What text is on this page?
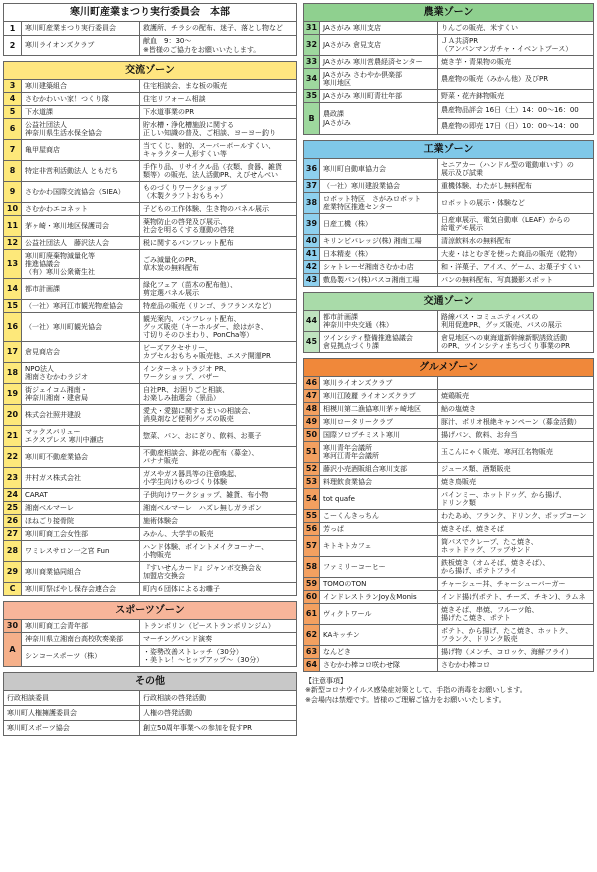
寒川町産業まつり実行委員会　本部		
1	寒川町産業まつり実行委員会	救護所、チラシの配布、迷子、落とし物など
2	寒川ライオンズクラブ	献血　9：30～
※皆様のご協力をお願いいたします。
交流ゾーン		
3	寒川建築組合	住宅相談会、まな板の販売
4	さむかわいい家！つくり隊	住宅リフォーム相談
5	下水道課	下水道事業のPR
6	公益社団法人
神奈川県生活水保全協会	貯水槽・浄化槽施設に関する
正しい知識の普及、ご相談、ヨーヨー釣り
7	亀甲屋商店	当てくじ、射的、スーパーボールすくい、
キャラクター人形すくい等
8	特定非営利活動法人 ともだち	手作り品、リサイクル品（衣類、食器、雑貨
類等）の販売、法人活動PR、えびせんべい
9	さむかわ国際交流協会（SIEA）	ものづくりワークショップ
（木製クラフトおもちゃ）
10	さむかわエコネット	子どもの工作体験、生き物のパネル展示
11	茅ヶ崎・寒川地区保護司会	薬物防止の啓発及び展示、
社会を明るくする運動の啓発
12	公益社団法人　藤沢法人会	税に関するパンフレット配布
13	寒川町廃棄物減量化等
推進協議会
（有）寒川公衆衛生社	ごみ減量化のPR、
草木炭の無料配布
14	都市計画課	緑化フェア（苗木の配布他）、
剪定選パネル展示
15	（一社）寒河江市観光物産協会	特産品の販売（リンゴ、ラフランスなど）
16	（一社）寒川町観光協会	観光案内、パンフレット配布、
グッズ販売（キーホルダー、絵はがき、
寸切りそのひまわり、PonCha等）
17	倉見商店会	ビーズアクセサリー、
カプセルおもちゃ販売他、エステ開運PR
18	NPO法人
湘南さむかわラジオ	インターネットラジオ PR、
ワークショップ、バザー
19	街ジェイコム湘南・
神奈川湘南・建倉局	自社PR、お困りごと相談、
お楽しみ抽選会（景品）
20	株式会社照井建設	愛犬・愛猫に関するまいの相談会、
消臭剤など便利グッズの販売
21	マックスバリュー
エクスプレス 寒川中瀬店	惣菜、パン、おにぎり、飲料、お菓子
22	寒川町不動産業協会	不動産相談会、鉢花の配布（募金）、
バナナ販売
23	井村ガス株式会社	ガスやガス器具等の注意喚起、
小学生向けものづくり体験
24	CARAT	子供向けワークショップ、雑貨、布小物
25	湘南ベルマーレ	湘南ベルマーレ　ハズレ無しガラポン
26	ほねごり接骨院	施術体験会
27	寒川町商工会女性部	みかん、大学芋の販売
28	ワミレスサロン一之宮 Fun	ハンド体験、ポイントメイクコーナー、
小物販売
29	寒川商業協同組合	『すいせんカード』ジャンボ交換会＆
加盟店交換会
C	寒川町祭ばやし保存会連合会	町内６団体によるお囃子
スポーツゾーン		
30	寒川町商工会青年部	トランポリン（ピーストランポリンジム）
A	神奈川県立湘南台高校吹奏楽部	マーチングバンド演奏
	シンコースポーツ（株）	・姿勢改善ストレッチ（30分）
・美トレ！〜ヒップアップ〜（30分）
その他	
行政相談委員	行政相談の啓発活動
寒川町人権擁護委員会	人権の啓発活動
寒川町スポーツ協会	創立50周年事業への参加を促すPR
農業ゾーン		
31	JAさがみ 寒川支店	りんごの販売、米すくい
32	JAさがみ 倉見支店	ＪＡ共済PR
（アンパンマンガチャ・イベントブース）
33	JAさがみ 寒川営農経済センター	焼き芋・青果物の販売
34	JAさがみ さわやか倶楽部
寒川地区	農産物の販売（みかん他）及びPR
35	JAさがみ 寒川町青壮年部	野菜・花卉鉢物販売
B	農政課
JAさがみ	農産物品評会 16日（土）14：00～16：00
		農産物の即売 17日（日）10：00～14：00
工業ゾーン		
36	寒川町自動車協力会	セニアカー（ハンドル型の電動車いす）の
展示及び試乗
37	（一社）寒川建設業協会	重機体験、わたがし無料配布
38	ロボット特区　さがみロボット
産業特区推進センター	ロボットの展示・体験など
39	日産工機（株）	日産車展示、電気自動車（LEAF）からの
給電デモ展示
40	キリンビバレッジ(株) 湘南工場	清涼飲料水の無料配布
41	日本精麦（株）	大麦・はとむぎを使った商品の販売（乾物）
42	シャトレーゼ湘南さむかわ店	和・洋菓子、アイス、ゲーム、お菓子すくい
43	敷島製パン(株)パスコ湘南工場	パンの無料配布、写真撮影スポット
交通ゾーン		
44	都市計画課
神奈川中央交通（株）	路線バス・コミュニティバスの
利用促進PR、グッズ販売、バスの展示
45	ツインシティ整備推進協議会
倉見拠点づくり課	倉見地区への東海道新幹線新駅誘致活動
のPR、ツインシティまちづくり事業のPR
グルメゾーン		
46	寒川ライオンズクラブ	
47	寒川江陵麗 ライオンズクラブ	焼鶏販売
48	相模川第二漁協寒川茅ヶ崎地区	鮎の塩焼き
49	寒川ロータリークラブ	豚汁、ポリオ根絶キャンペーン（募金活動）
50	国際ソロプチミスト寒川	揚げパン、飲料、お弁当
51	寒川青年会議所
寒河江青年会議所	玉こんにゃく販売、寒河江名物販売
52	藤沢小売酒販組合寒川支部	ジュース類、酒類販売
53	料理飲食業協会	焼き鳥販売
54	tot quafe	パインミー、ホットドッグ、から揚げ、
ドリンク類
55	こーくんきっちん	わたあめ、フランク、ドリンク、ポップコーン
56	芳っぱ	焼きそば、焼きそば
57	キトキトカフェ	筒パスでクレープ、たこ焼き、
ホットドッグ、フッブサンド
58	ファミリーコーヒー	鉄板焼き（オムそば、焼きそば）、
から揚げ、ポテトフライ
59	TOMOのTON	チャーシュー丼、チャーシューバーガー
60	インドレストランJoy＆Monis	インド揚げ(ポテト、チーズ、チキン)、ラムネ
61	ヴィクトワール	焼きそば、串焼、フルーツ飴、
揚げたこ焼き、ポテト
62	KAキッチン	ポテト、から揚げ、たこ焼き、ホットク、
フランク、ドリンク販売
63	なんどき	揚げ物（メンチ、コロッケ、海鮮フライ）
64	さむかわ棒コロ咲わせ隊	さむかわ棒コロ
【注意事項】
※新型コロナウイルス感染症対策として、手指の消毒をお願いします。
※会場内は禁煙です。皆様のご理解ご協力をお願いいたします。
